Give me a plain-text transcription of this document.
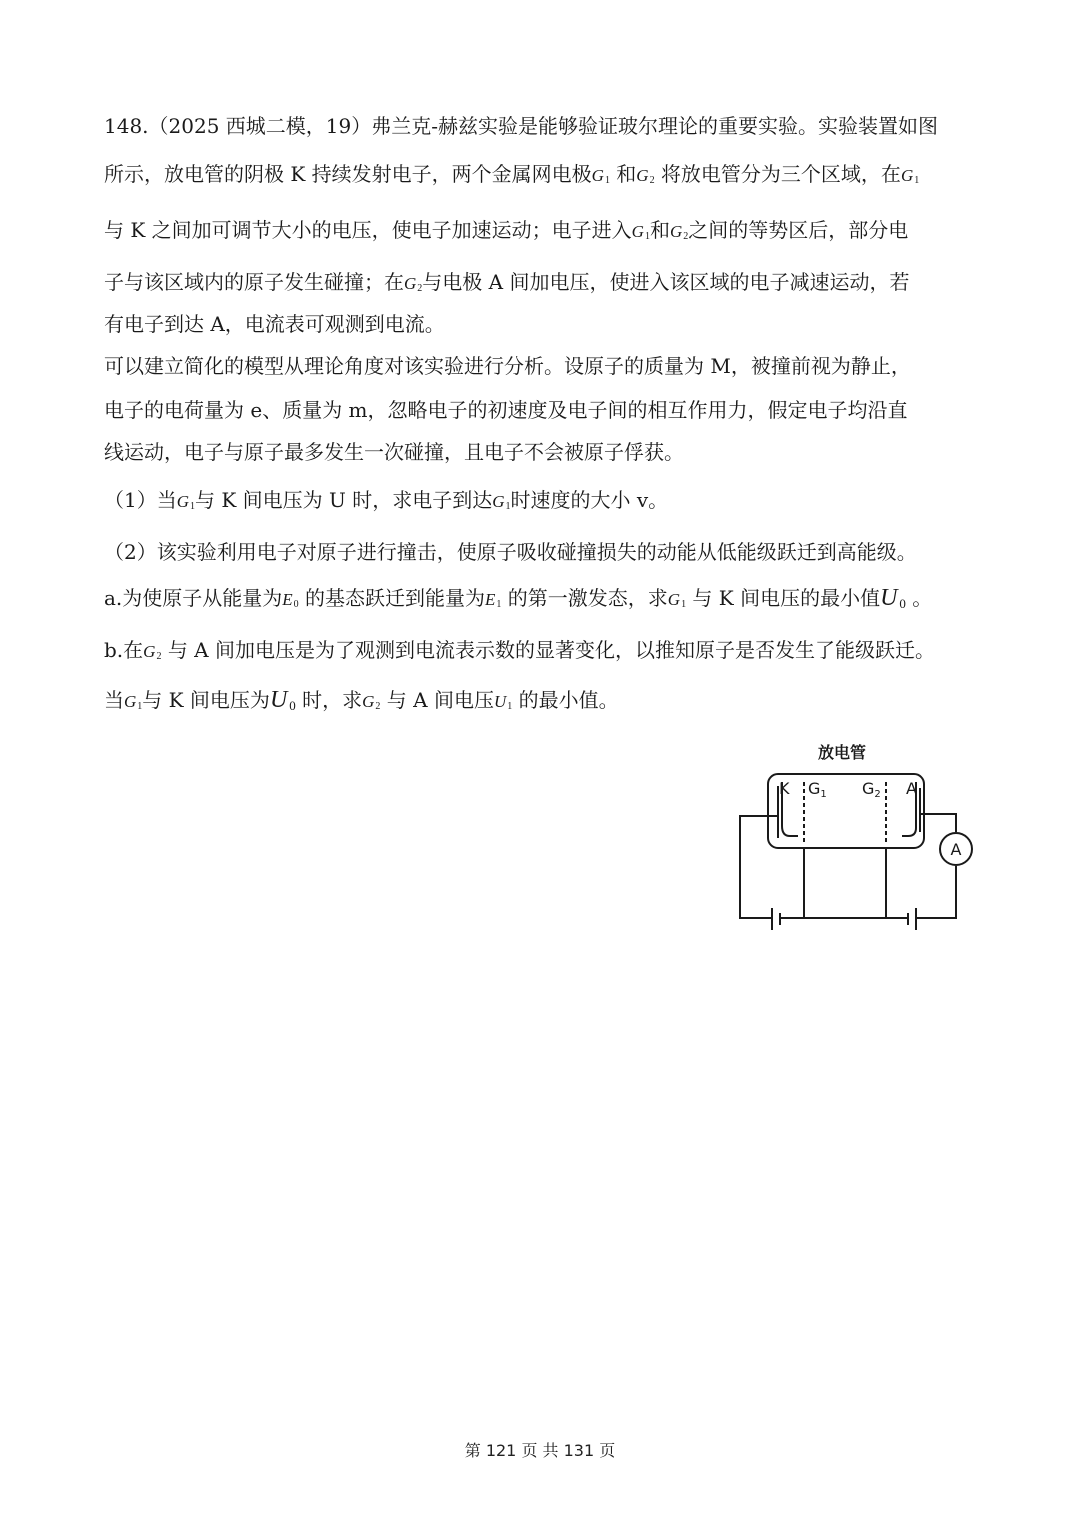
148.（2025 西城二模，19）弗兰克-赫兹实验是能够验证玻尔理论的重要实验。实验装置如图
所示，放电管的阴极 K 持续发射电子，两个金属网电极$G_1$ 和$G_2$ 将放电管分为三个区域，在$G_1$
与 K 之间加可调节大小的电压，使电子加速运动；电子进入$G_1$和$G_2$之间的等势区后，部分电
子与该区域内的原子发生碰撞；在$G_2$与电极 A 间加电压，使进入该区域的电子减速运动，若
有电子到达 A，电流表可观测到电流。
可以建立简化的模型从理论角度对该实验进行分析。设原子的质量为 M，被撞前视为静止，
电子的电荷量为 e、质量为 m，忽略电子的初速度及电子间的相互作用力，假定电子均沿直
线运动，电子与原子最多发生一次碰撞，且电子不会被原子俘获。
（1）当$G_1$与 K 间电压为 U 时，求电子到达$G_1$时速度的大小 v。
（2）该实验利用电子对原子进行撞击，使原子吸收碰撞损失的动能从低能级跃迁到高能级。
a.为使原子从能量为$E_0$ 的基态跃迁到能量为$E_1$ 的第一激发态，求$G_1$ 与 K 间电压的最小值U 0 。
b.在$G_2$ 与 A 间加电压是为了观测到电流表示数的显著变化，以推知原子是否发生了能级跃迁。
当$G_1$与 K 间电压为U 0 时，求$G_2$ 与 A 间电压$U_1$ 的最小值。
放电管
K G1 G2 A
A
第 121 页 共 131 页
